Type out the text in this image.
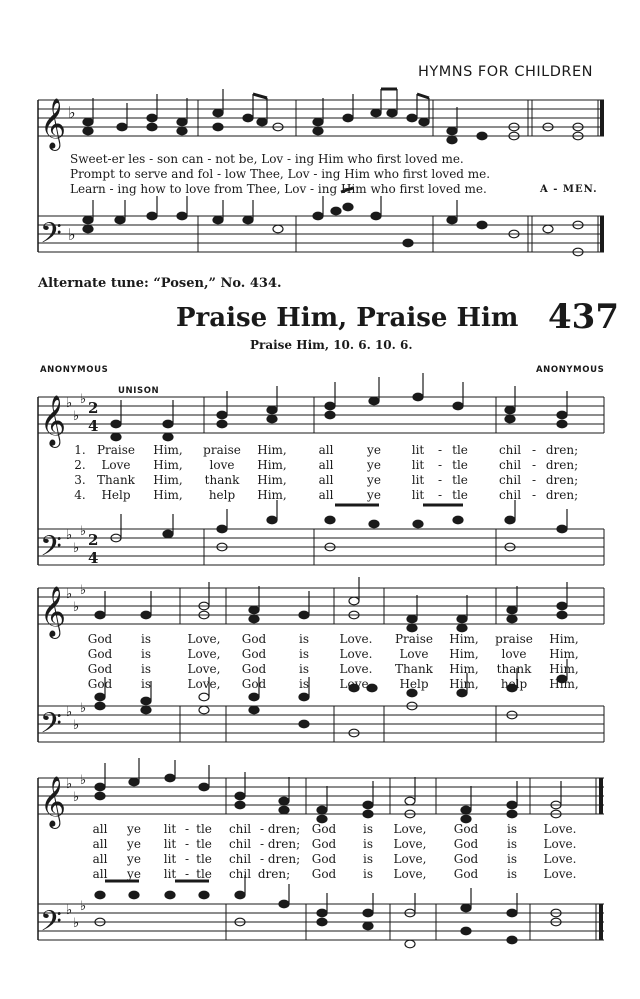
HYMNS FOR CHILDREN
𝄞
𝄢
♭
♭
Sweet-er les - son can - not be, Lov - ing Him who first loved me.
Prompt to serve and fol - low Thee, Lov - ing Him who first loved me.
Learn - ing how to love from Thee, Lov - ing Him who first loved me.	A - MEN.
Alternate tune: “Posen,” No. 434.
Praise Him, Praise Him 437
Praise Him, 10. 6. 10. 6.
ANONYMOUS	ANONYMOUS
UNISON
𝄞
𝄢
♭
♭
♭
♭
♭
♭
2
4
2
4
1. Praise Him, praise Him,	all	ye	lit - tle	chil - dren;
2. Love Him, love Him,	all	ye	lit - tle	chil - dren;
3. Thank Him, thank Him,	all	ye	lit - tle	chil - dren;
4. Help Him, help Him,	all	ye	lit - tle	chil - dren;
𝄞
𝄢
♭
♭
♭
♭
♭
♭
God is	Love, God	is	Love. Praise Him, praise Him,
God is	Love, God	is	Love. Love Him, love Him,
God is	Love, God	is	Love. Thank Him, thank Him,
God is	Love, God	is	Love. Help Him, help Him,
𝄞
𝄢
♭
♭
♭
♭
♭
♭
all ye lit - tle chil - dren; God is Love, God is Love.
all ye lit - tle chil - dren; God is Love, God is Love.
all ye lit - tle chil - dren; God is Love, God is Love.
all ye lit - tle chil dren; God is Love, God is Love.
